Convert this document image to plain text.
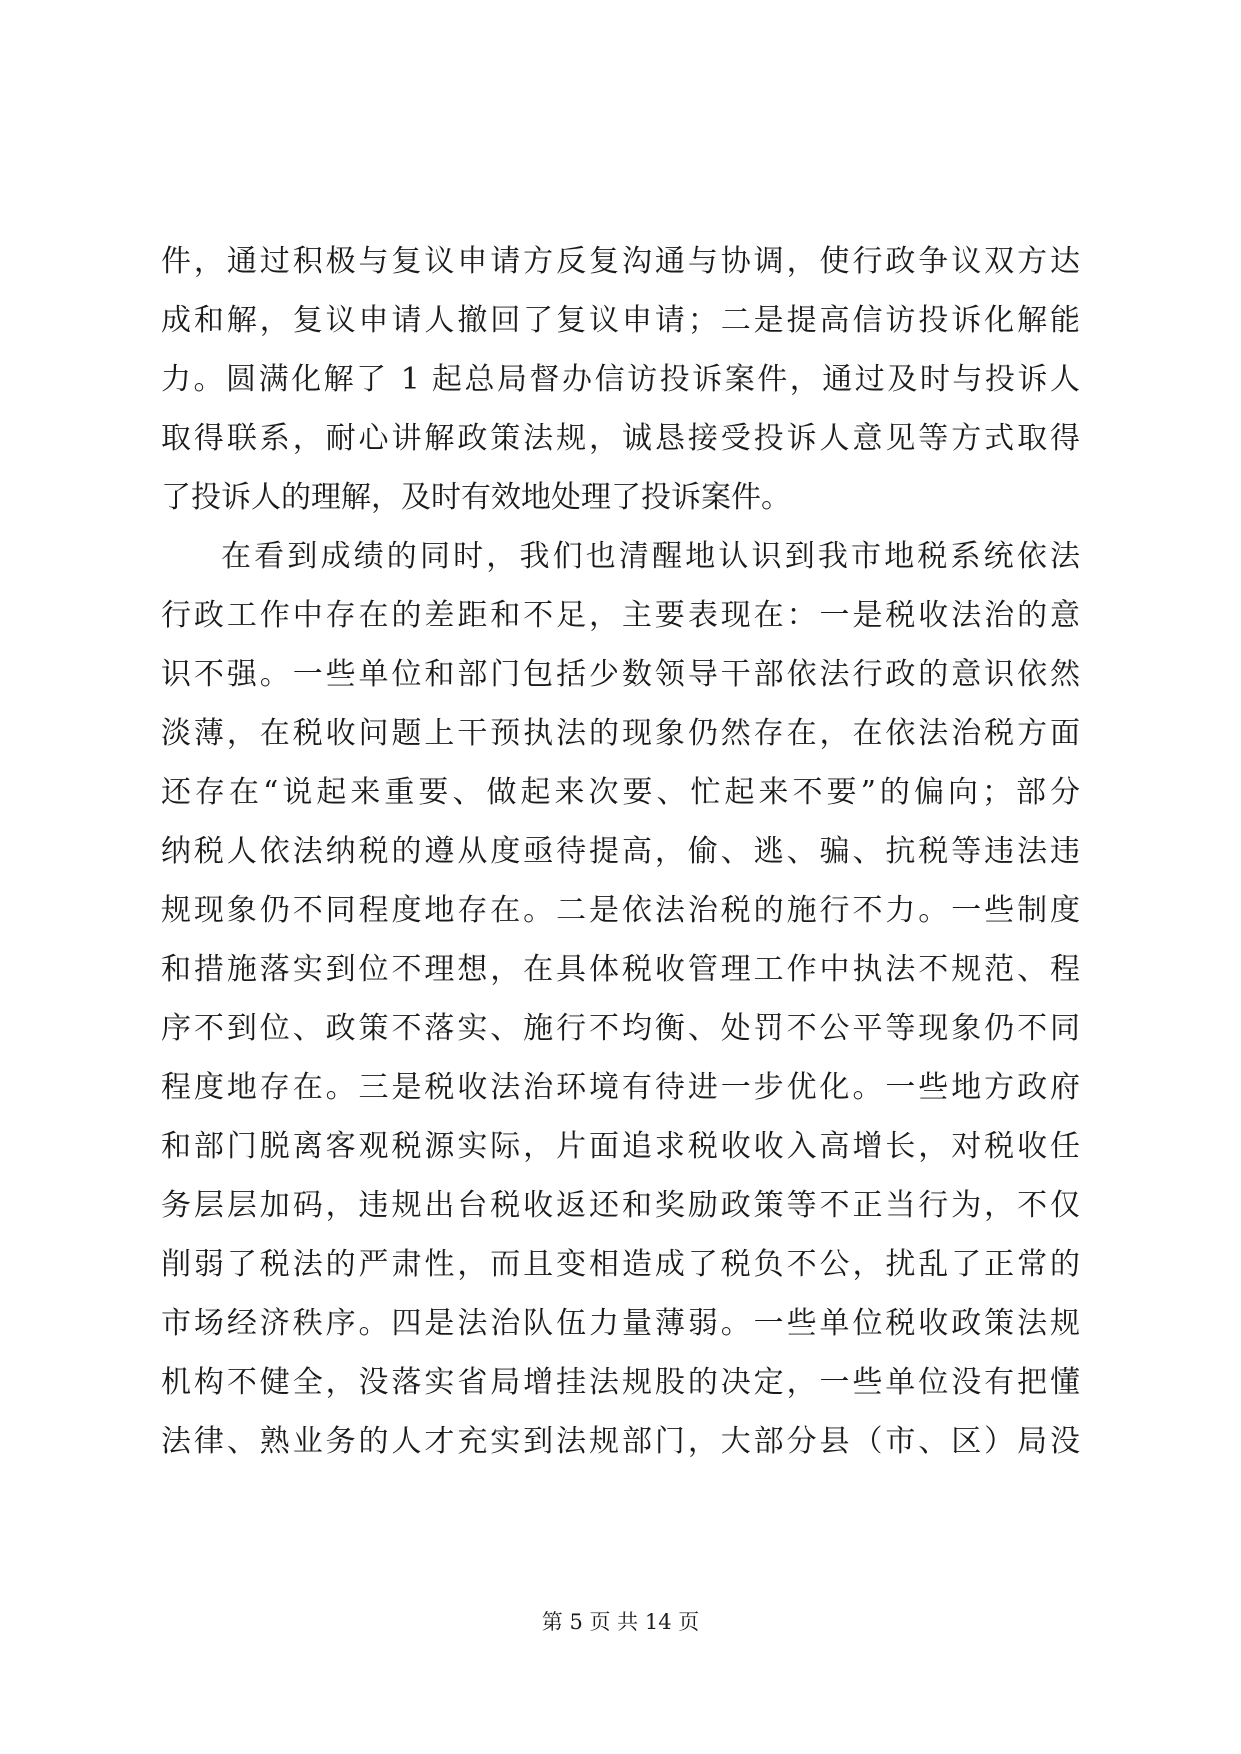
件，通过积极与复议申请方反复沟通与协调，使行政争议双方达
成和解，复议申请人撤回了复议申请；二是提高信访投诉化解能
力。圆满化解了 1 起总局督办信访投诉案件，通过及时与投诉人
取得联系，耐心讲解政策法规，诚恳接受投诉人意见等方式取得
了投诉人的理解，及时有效地处理了投诉案件。
在看到成绩的同时，我们也清醒地认识到我市地税系统依法
行政工作中存在的差距和不足，主要表现在：一是税收法治的意
识不强。一些单位和部门包括少数领导干部依法行政的意识依然
淡薄，在税收问题上干预执法的现象仍然存在，在依法治税方面
还存在“说起来重要、做起来次要、忙起来不要”的偏向；部分
纳税人依法纳税的遵从度亟待提高，偷、逃、骗、抗税等违法违
规现象仍不同程度地存在。二是依法治税的施行不力。一些制度
和措施落实到位不理想，在具体税收管理工作中执法不规范、程
序不到位、政策不落实、施行不均衡、处罚不公平等现象仍不同
程度地存在。三是税收法治环境有待进一步优化。一些地方政府
和部门脱离客观税源实际，片面追求税收收入高增长，对税收任
务层层加码，违规出台税收返还和奖励政策等不正当行为，不仅
削弱了税法的严肃性，而且变相造成了税负不公，扰乱了正常的
市场经济秩序。四是法治队伍力量薄弱。一些单位税收政策法规
机构不健全，没落实省局增挂法规股的决定，一些单位没有把懂
法律、熟业务的人才充实到法规部门，大部分县（市、区）局没
第 5 页 共 14 页
